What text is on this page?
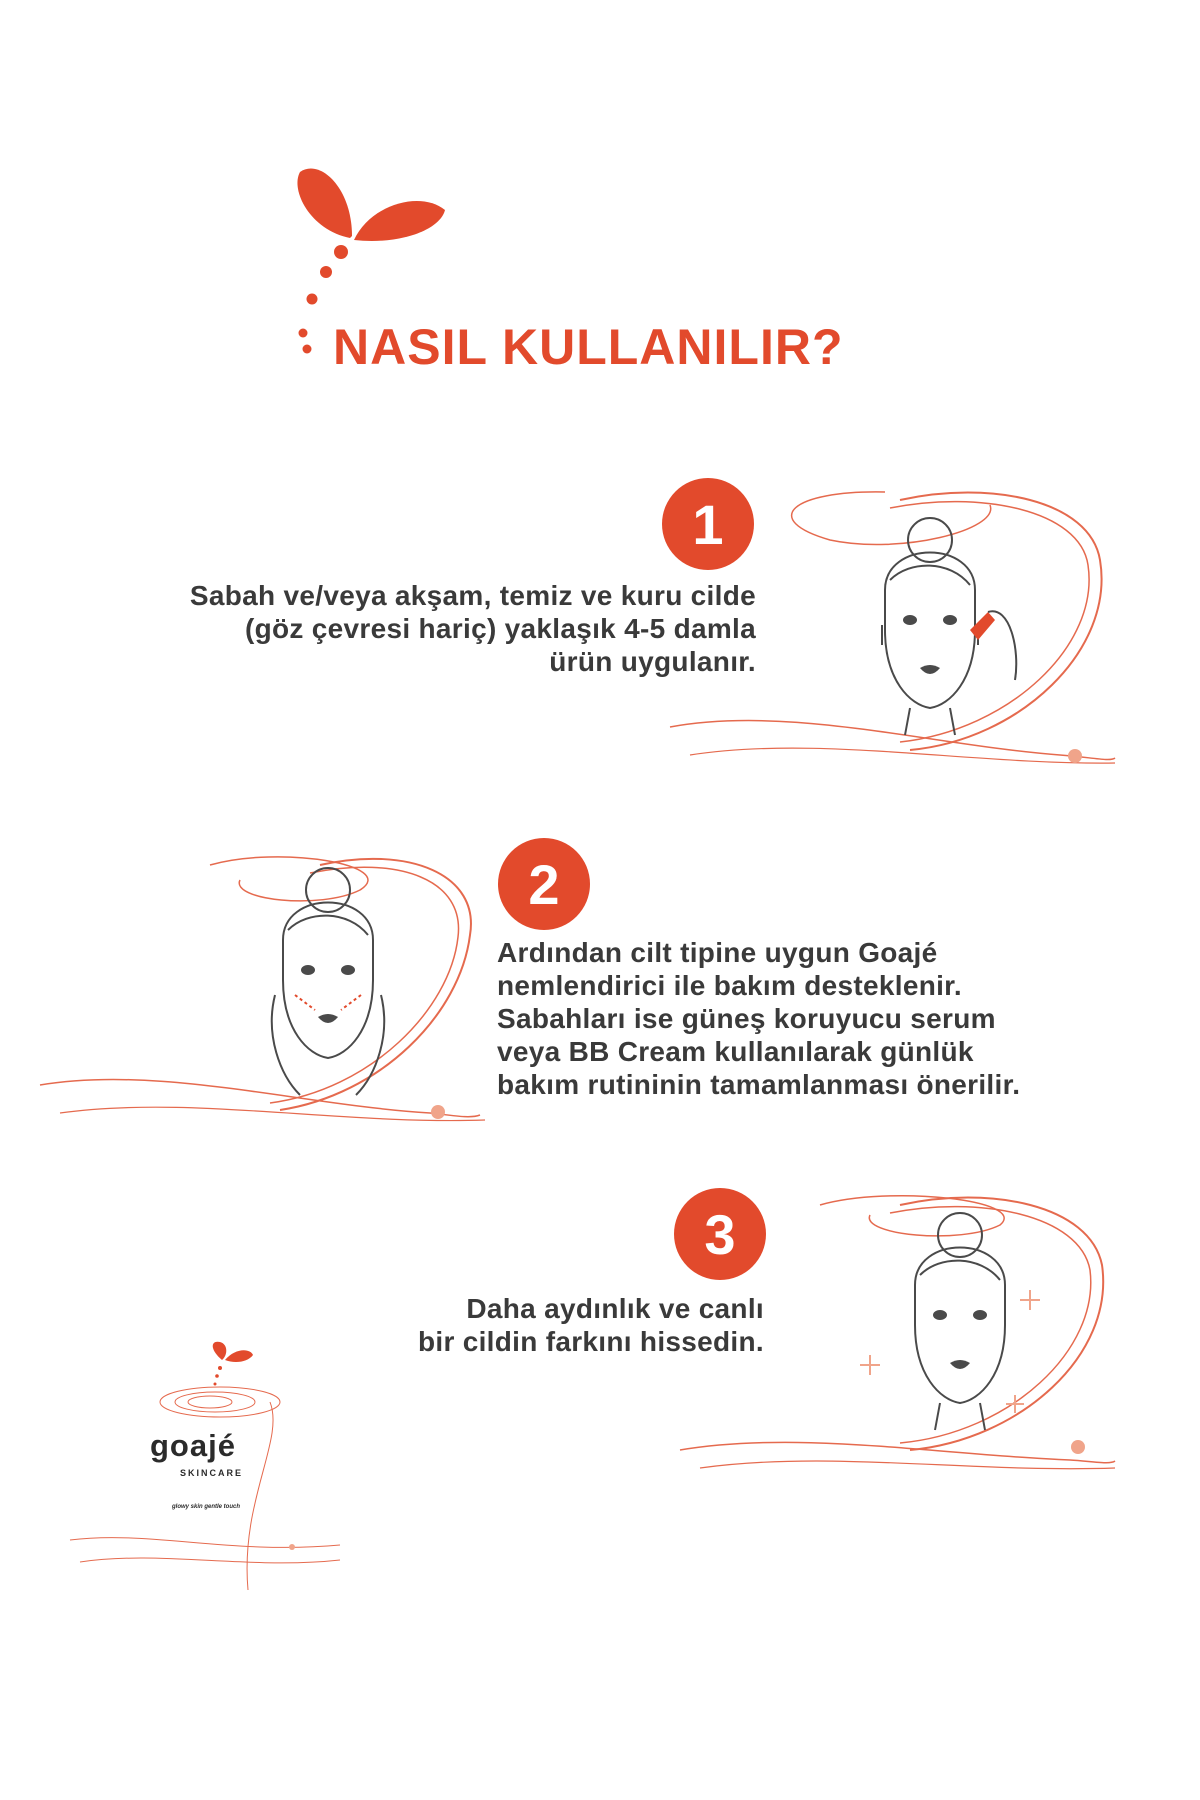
NASIL KULLANILIR?
1
Sabah ve/veya akşam, temiz ve kuru cilde
(göz çevresi hariç) yaklaşık 4-5 damla
ürün uygulanır.
2
Ardından cilt tipine uygun Goajé
nemlendirici ile bakım desteklenir.
Sabahları ise güneş koruyucu serum
veya BB Cream kullanılarak günlük
bakım rutininin tamamlanması önerilir.
3
Daha aydınlık ve canlı
bir cildin farkını hissedin.
goajé
SKINCARE
glowy skin gentle touch
